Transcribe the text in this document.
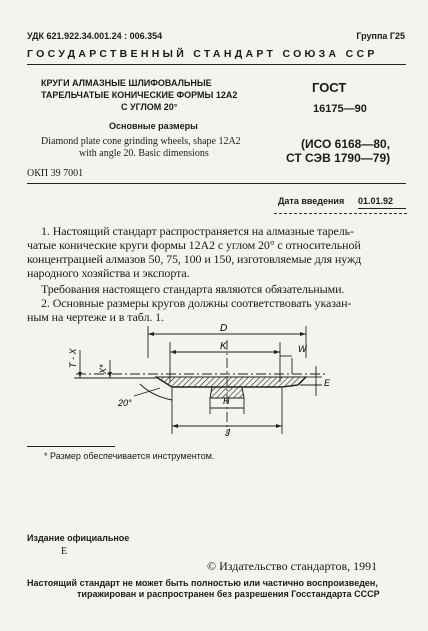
УДК 621.922.34.001.24 : 006.354	Группа Г25
ГОСУДАРСТВЕННЫЙ СТАНДАРТ СОЮЗА ССР
КРУГИ АЛМАЗНЫЕ ШЛИФОВАЛЬНЫЕ
ТАРЕЛЬЧАТЫЕ КОНИЧЕСКИЕ ФОРМЫ 12А2
С УГЛОМ 20°
Основные размеры
Diamond plate cone grinding wheels, shape 12A2
with angle 20. Basic dimensions
ГОСТ
16175—90
(ИСО 6168—80,
СТ СЭВ 1790—79)
ОКП 39 7001
Дата введения 01.01.92
1. Настоящий стандарт распространяется на алмазные тарель-
чатые конические круги формы 12А2 с углом 20° с относительной
концентрацией алмазов 50, 75, 100 и 150, изготовляемые для нужд
народного хозяйства и экспорта.
Требования настоящего стандарта являются обязательными.
2. Основные размеры кругов должны соответствовать указан-
ным на чертеже и в табл. 1.
D
K	W
E
H
J
T - X
X*
20°
* Размер обеспечивается инструментом.
Издание официальное
Е
© Издательство стандартов, 1991
Настоящий стандарт не может быть полностью или частично воспроизведен,
тиражирован и распространен без разрешения Госстандарта СССР
